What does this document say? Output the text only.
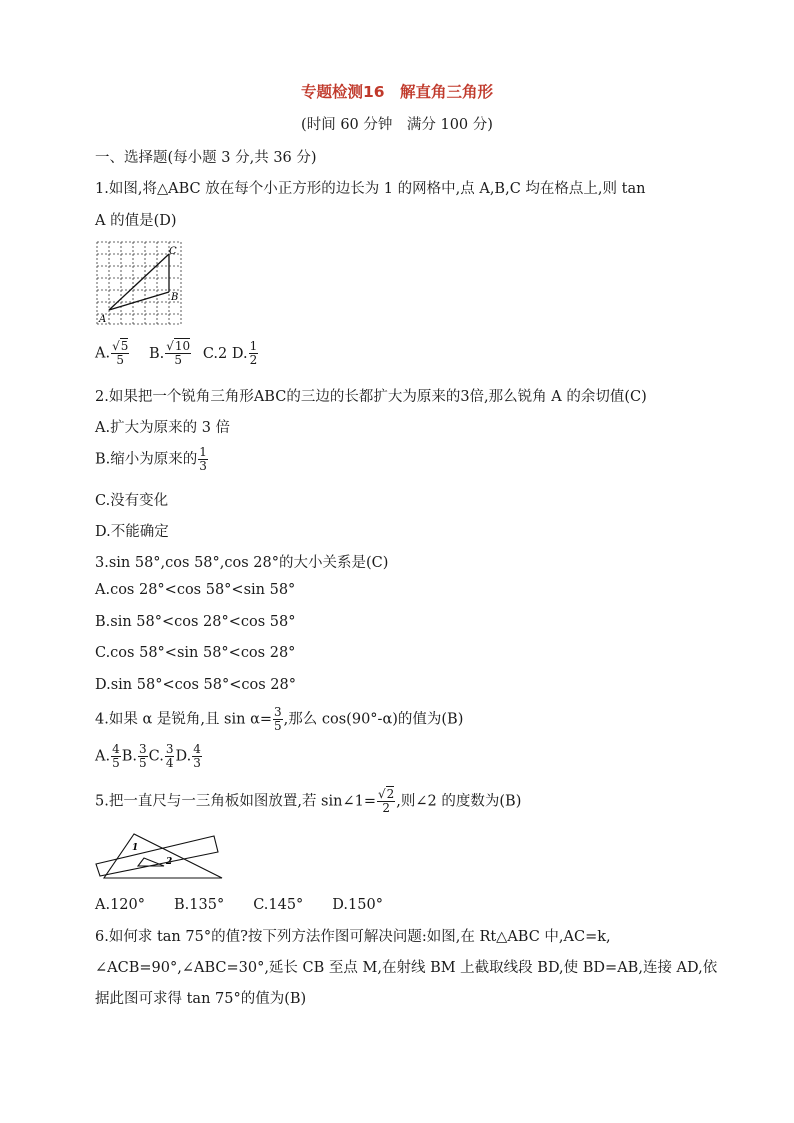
专题检测16　解直角三角形
(时间 60 分钟　满分 100 分)
一、选择题(每小题 3 分,共 36 分)
1.如图,将△ABC 放在每个小正方形的边长为 1 的网格中,点 A,B,C 均在格点上,则 tan
A 的值是(D)
A
B
C
A. $\frac{√5}{5} B$. $\frac{√10}{5} C.2$ D. $\frac{1}{2}$
2.如果把一个锐角三角形ABC的三边的长都扩大为原来的3倍,那么锐角 A 的余切值(C)
A.扩大为原来的 3 倍
B.缩小为原来的 $\frac{1}{3}$
C.没有变化
D.不能确定
3.sin 58°,cos 58°,cos 28°的大小关系是(C)
A.cos 28°<cos 58°<sin 58°
B.sin 58°<cos 28°<cos 58°
C.cos 58°<sin 58°<cos 28°
D.sin 58°<cos 58°<cos 28°
4.如果 α 是锐角,且 $\sin \alpha= \frac{3}{5}$ ,那么 cos(90°-α)的值为(B)
A. $\frac{4}{5} B$. $\frac{3}{5} C$. $\frac{3}{4} D$. $\frac{4}{3}$
5.把一直尺与一三角板如图放置,若 sin∠1= $\frac{√2}{2}$ ,则∠2 的度数为(B)
1
2
A.120°　　B.135°　　C.145°　　D.150°
6.如何求 tan 75°的值?按下列方法作图可解决问题:如图,在 Rt△ABC 中,AC=k,
∠ACB=90°,∠ABC=30°,延长 CB 至点 M,在射线 BM 上截取线段 BD,使 BD=AB,连接 AD,依
据此图可求得 tan 75°的值为(B)
